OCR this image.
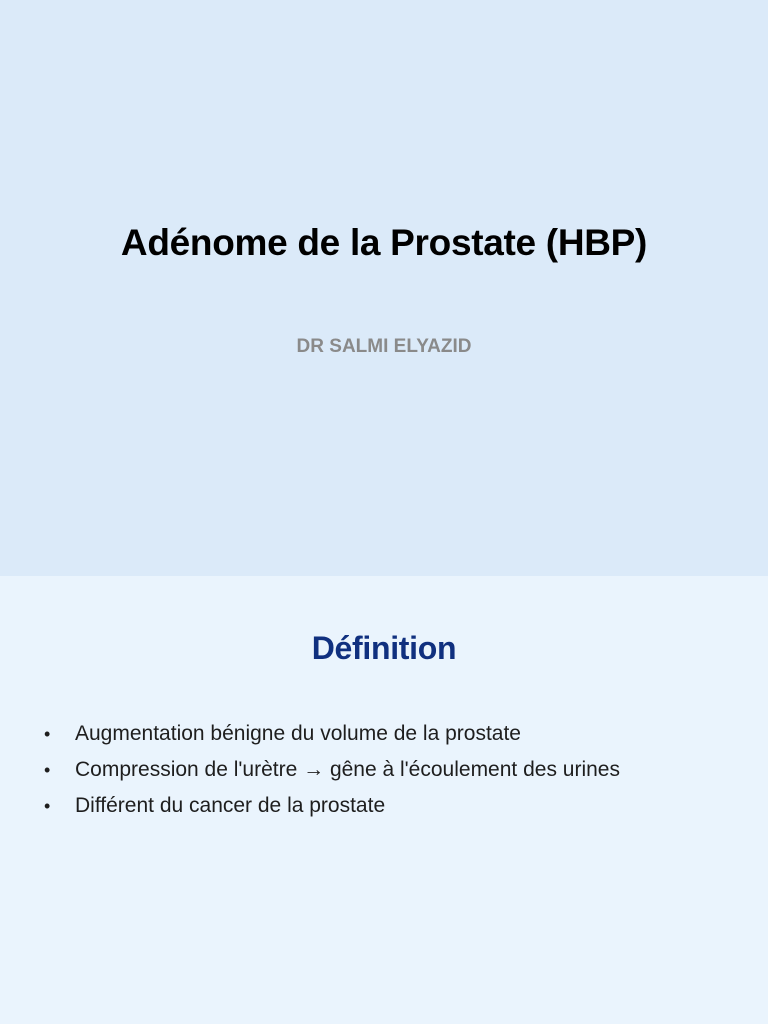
Adénome de la Prostate (HBP)
DR SALMI ELYAZID
Définition
• Augmentation bénigne du volume de la prostate
• Compression de l'urètre → gêne à l'écoulement des urines
• Différent du cancer de la prostate
